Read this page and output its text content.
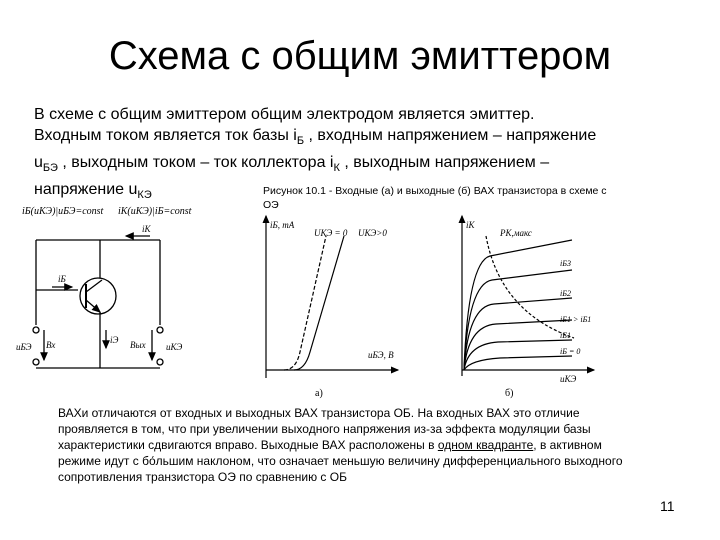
Схема с общим эмиттером
В схеме с общим эмиттером общим электродом является эмиттер.
Входным током является ток базы $i_Б$ , входным напряжением – напряжение
$u_{БЭ}$ , выходным током – ток коллектора $i_К$ , выходным напряжением –
напряжение $u_{КЭ}$	Рисунок 10.1 - Входные (а) и выходные (б) ВАХ транзистора в схеме с ОЭ
iБ(uКЭ)|uБЭ=const iК(uКЭ)|iБ=const
iК
iБ
iЭ
uБЭ	uКЭ
Вх	Вых
iБ, mA
UКЭ = 0 UКЭ>0
uБЭ, В
а)
iК
PК,макс
iБ3
iБ2
iБ1 > iБ1
iБ1
iБ = 0
uКЭ
б)
ВАХи отличаются от входных и выходных ВАХ транзистора ОБ. На входных ВАХ это отличие проявляется в том, что при увеличении выходного напряжения из-за эффекта модуляции базы характеристики сдвигаются вправо. Выходные ВАХ расположены в одном квадранте, в активном режиме идут с бо́льшим наклоном, что означает меньшую величину дифференциального выходного сопротивления транзистора ОЭ по сравнению с ОБ
11
